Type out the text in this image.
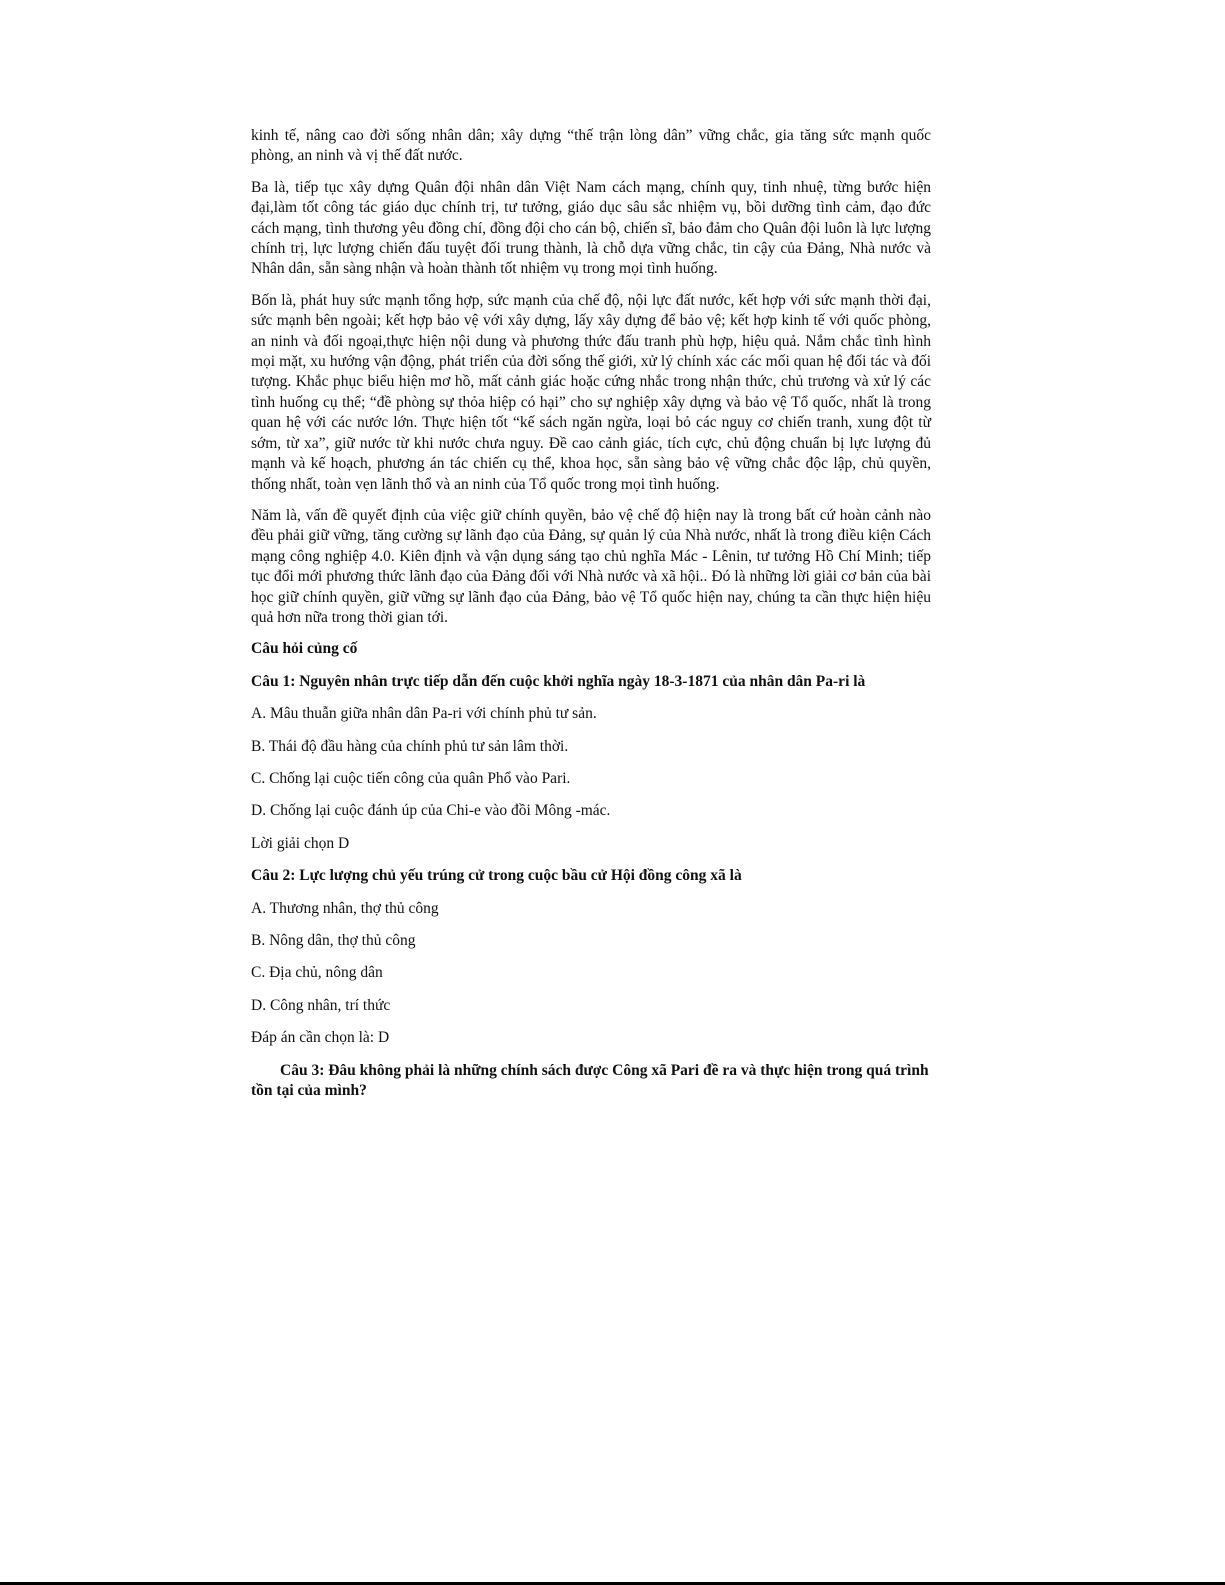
kinh tế, nâng cao đời sống nhân dân; xây dựng “thế trận lòng dân” vững chắc, gia tăng sức mạnh quốc phòng, an ninh và vị thế đất nước.

Ba là, tiếp tục xây dựng Quân đội nhân dân Việt Nam cách mạng, chính quy, tinh nhuệ, từng bước hiện đại,làm tốt công tác giáo dục chính trị, tư tưởng, giáo dục sâu sắc nhiệm vụ, bồi dưỡng tình cảm, đạo đức cách mạng, tình thương yêu đồng chí, đồng đội cho cán bộ, chiến sĩ, bảo đảm cho Quân đội luôn là lực lượng chính trị, lực lượng chiến đấu tuyệt đối trung thành, là chỗ dựa vững chắc, tin cậy của Đảng, Nhà nước và Nhân dân, sẵn sàng nhận và hoàn thành tốt nhiệm vụ trong mọi tình huống.

Bốn là, phát huy sức mạnh tổng hợp, sức mạnh của chế độ, nội lực đất nước, kết hợp với sức mạnh thời đại, sức mạnh bên ngoài; kết hợp bảo vệ với xây dựng, lấy xây dựng để bảo vệ; kết hợp kinh tế với quốc phòng, an ninh và đối ngoại,thực hiện nội dung và phương thức đấu tranh phù hợp, hiệu quả. Nắm chắc tình hình mọi mặt, xu hướng vận động, phát triển của đời sống thế giới, xử lý chính xác các mối quan hệ đối tác và đối tượng. Khắc phục biểu hiện mơ hồ, mất cảnh giác hoặc cứng nhắc trong nhận thức, chủ trương và xử lý các tình huống cụ thể; “đề phòng sự thỏa hiệp có hại” cho sự nghiệp xây dựng và bảo vệ Tổ quốc, nhất là trong quan hệ với các nước lớn. Thực hiện tốt “kế sách ngăn ngừa, loại bỏ các nguy cơ chiến tranh, xung đột từ sớm, từ xa”, giữ nước từ khi nước chưa nguy. Đề cao cảnh giác, tích cực, chủ động chuẩn bị lực lượng đủ mạnh và kế hoạch, phương án tác chiến cụ thể, khoa học, sẵn sàng bảo vệ vững chắc độc lập, chủ quyền, thống nhất, toàn vẹn lãnh thổ và an ninh của Tổ quốc trong mọi tình huống.

Năm là, vấn đề quyết định của việc giữ chính quyền, bảo vệ chế độ hiện nay là trong bất cứ hoàn cảnh nào đều phải giữ vững, tăng cường sự lãnh đạo của Đảng, sự quản lý của Nhà nước, nhất là trong điều kiện Cách mạng công nghiệp 4.0. Kiên định và vận dụng sáng tạo chủ nghĩa Mác - Lênin, tư tưởng Hồ Chí Minh; tiếp tục đổi mới phương thức lãnh đạo của Đảng đối với Nhà nước và xã hội.. Đó là những lời giải cơ bản của bài học giữ chính quyền, giữ vững sự lãnh đạo của Đảng, bảo vệ Tổ quốc hiện nay, chúng ta cần thực hiện hiệu quả hơn nữa trong thời gian tới.

Câu hỏi củng cố

Câu 1: Nguyên nhân trực tiếp dẫn đến cuộc khởi nghĩa ngày 18-3-1871 của nhân dân Pa-ri là

A. Mâu thuẫn giữa nhân dân Pa-ri với chính phủ tư sản.

B. Thái độ đầu hàng của chính phủ tư sản lâm thời.

C. Chống lại cuộc tiến công của quân Phổ vào Pari.

D. Chống lại cuộc đánh úp của Chi-e vào đồi Mông -mác.

Lời giải chọn D

Câu 2: Lực lượng chủ yếu trúng cử trong cuộc bầu cử Hội đồng công xã là

A. Thương nhân, thợ thủ công

B. Nông dân, thợ thủ công

C. Địa chủ, nông dân

D. Công nhân, trí thức

Đáp án cần chọn là: D

Câu 3: Đâu không phải là những chính sách được Công xã Pari đề ra và thực hiện trong quá trình tồn tại của mình?
